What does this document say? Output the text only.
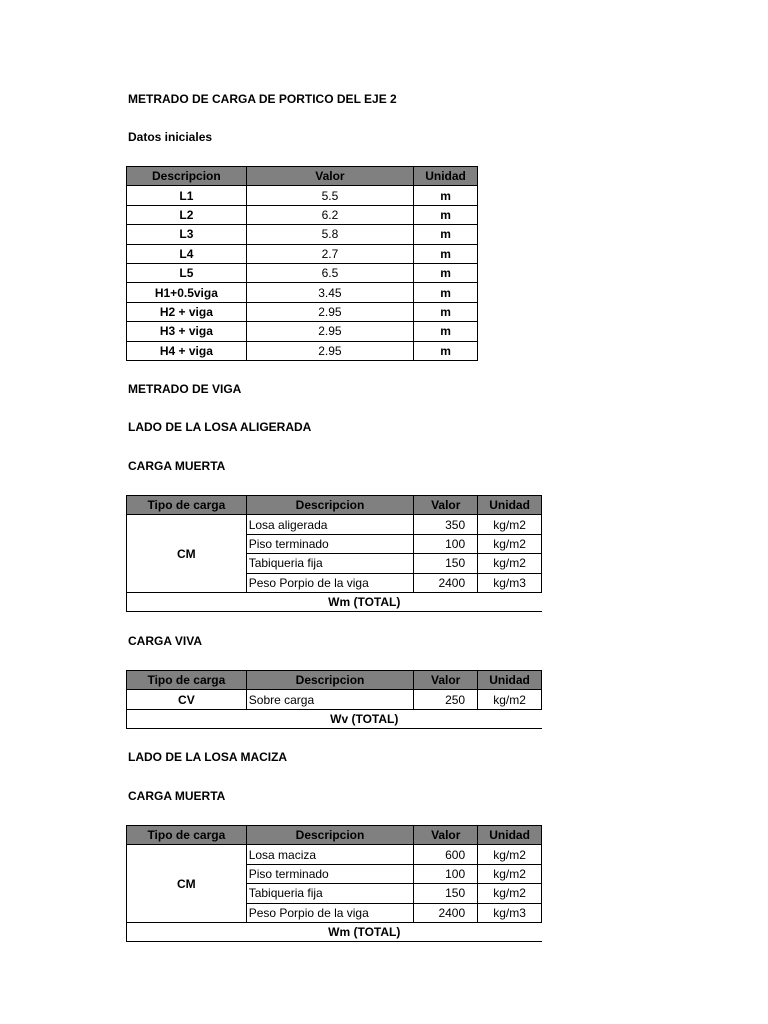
METRADO DE CARGA DE PORTICO DEL EJE 2
Datos iniciales
Descripcion	Valor	Unidad
L1	5.5	m
L2	6.2	m
L3	5.8	m
L4	2.7	m
L5	6.5	m
H1+0.5viga	3.45	m
H2 + viga	2.95	m
H3 + viga	2.95	m
H4 + viga	2.95	m
METRADO DE VIGA
LADO DE LA LOSA ALIGERADA
CARGA MUERTA
Tipo de carga	Descripcion	Valor	Unidad
CM	Losa aligerada	350	kg/m2
	Piso terminado	100	kg/m2
	Tabiqueria fija	150	kg/m2
	Peso Porpio de la viga	2400	kg/m3
Wm (TOTAL)			
CARGA VIVA
Tipo de carga	Descripcion	Valor	Unidad
CV	Sobre carga	250	kg/m2
Wv (TOTAL)			
LADO DE LA LOSA MACIZA
CARGA MUERTA
Tipo de carga	Descripcion	Valor	Unidad
CM	Losa maciza	600	kg/m2
	Piso terminado	100	kg/m2
	Tabiqueria fija	150	kg/m2
	Peso Porpio de la viga	2400	kg/m3
Wm (TOTAL)			
